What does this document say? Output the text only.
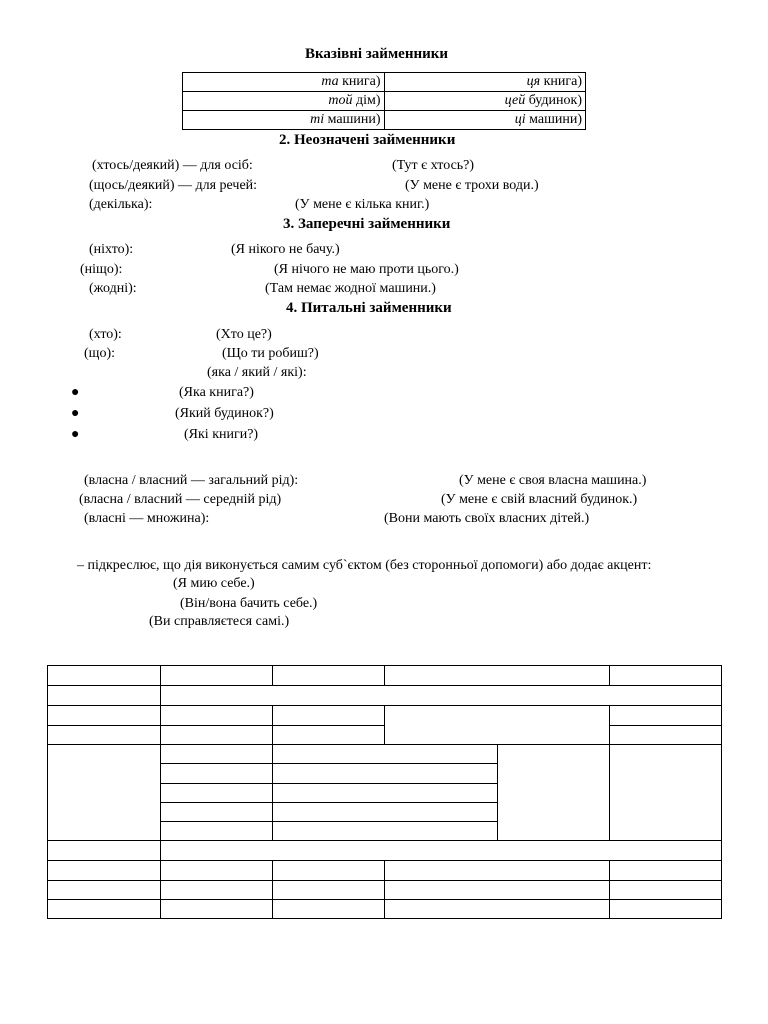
Вказівні займенники
та книга)	ця книга)
той дім)	цей будинок)
ті машини)	ці машини)
2. Неозначені займенники
(хтось/деякий) — для осіб:	(Тут є хтось?)
(щось/деякий) — для речей:	(У мене є трохи води.)
(декілька):	(У мене є кілька книг.)
3. Заперечні займенники
(ніхто):	(Я нікого не бачу.)
(нiщо):	(Я нічого не маю проти цього.)
(жодні):	(Там немає жодної машини.)
4. Питальні займенники
(хто):	(Хто це?)
(що):	(Що ти робиш?)
(яка / який / які):
●	(Яка книга?)
●	(Який будинок?)
●	(Які книги?)
(власна / власний — загальний рід):	(У мене є своя власна машина.)
(власна / власний — середній рід)	(У мене є свій власний будинок.)
(власні — множина):	(Вони мають своїх власних дітей.)
– підкреслює, що дія виконується самим суб`єктом (без сторонньої допомоги) або додає акцент:
(Я мию себе.)
(Він/вона бачить себе.)
(Ви справляєтеся самі.)
